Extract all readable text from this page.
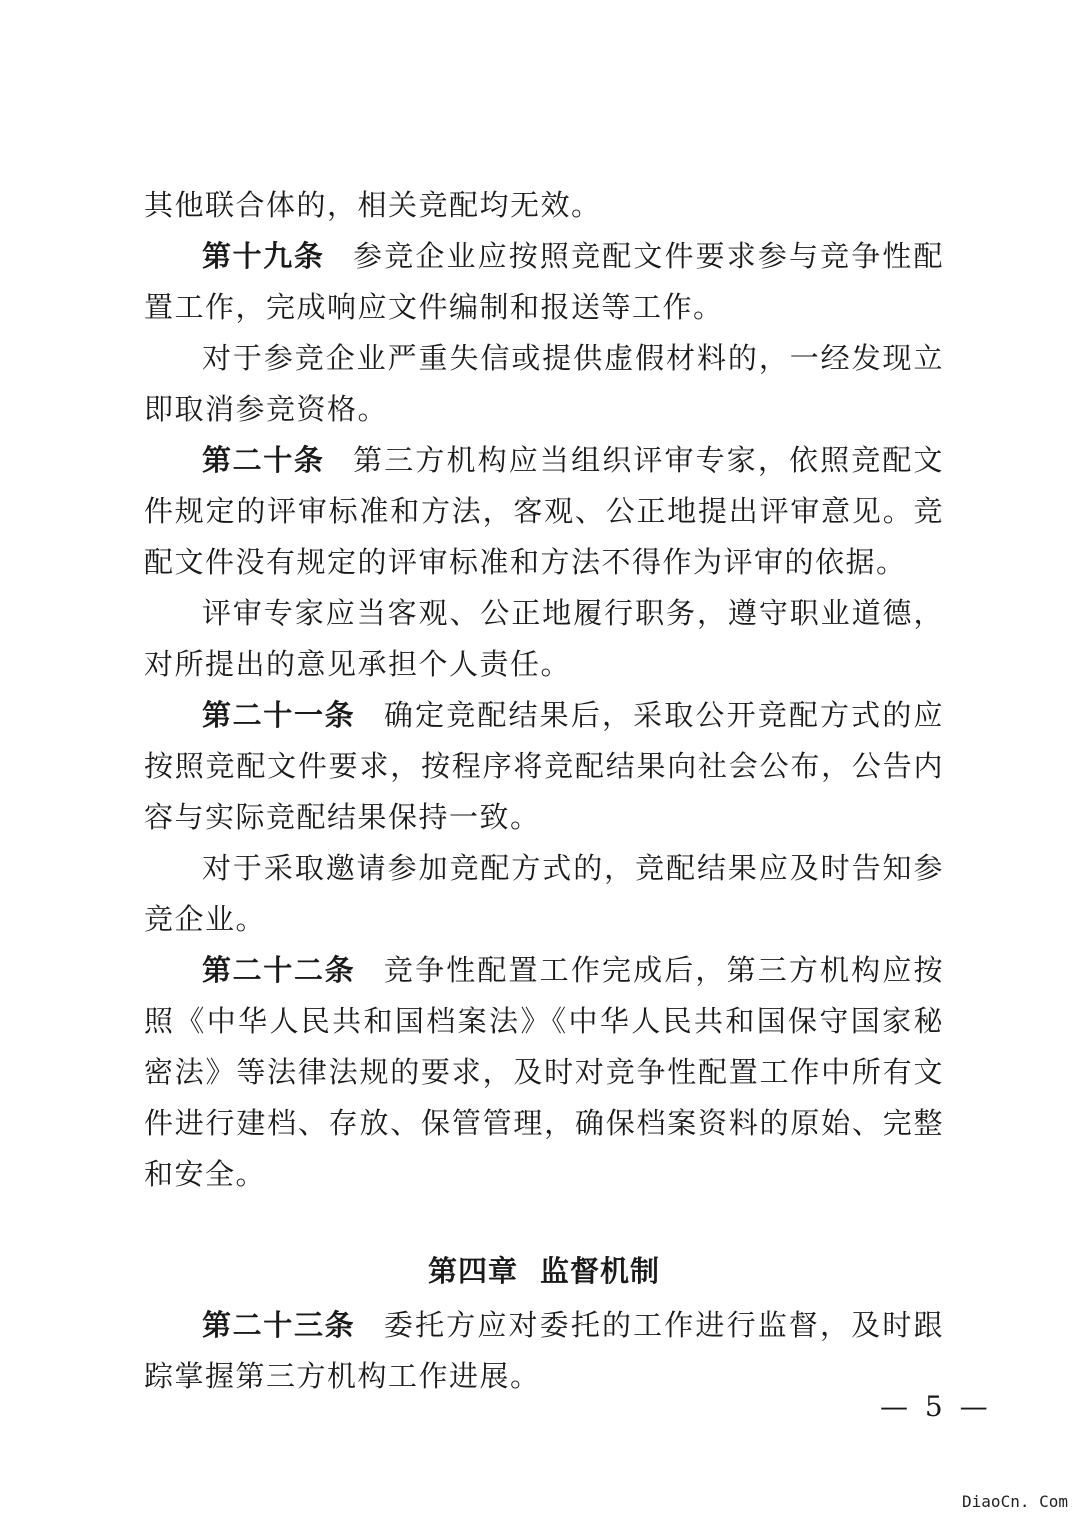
其他联合体的，相关竞配均无效。

第十九条 参竞企业应按照竞配文件要求参与竞争性配置工作，完成响应文件编制和报送等工作。

对于参竞企业严重失信或提供虚假材料的，一经发现立即取消参竞资格。

第二十条 第三方机构应当组织评审专家，依照竞配文件规定的评审标准和方法，客观、公正地提出评审意见。竞配文件没有规定的评审标准和方法不得作为评审的依据。

评审专家应当客观、公正地履行职务，遵守职业道德，对所提出的意见承担个人责任。

第二十一条 确定竞配结果后，采取公开竞配方式的应按照竞配文件要求，按程序将竞配结果向社会公布，公告内容与实际竞配结果保持一致。

对于采取邀请参加竞配方式的，竞配结果应及时告知参竞企业。

第二十二条 竞争性配置工作完成后，第三方机构应按照《中华人民共和国档案法》《中华人民共和国保守国家秘密法》等法律法规的要求，及时对竞争性配置工作中所有文件进行建档、存放、保管管理，确保档案资料的原始、完整和安全。

第四章 监督机制

第二十三条 委托方应对委托的工作进行监督，及时跟踪掌握第三方机构工作进展。

— 5 —
DiaoCn. Com
